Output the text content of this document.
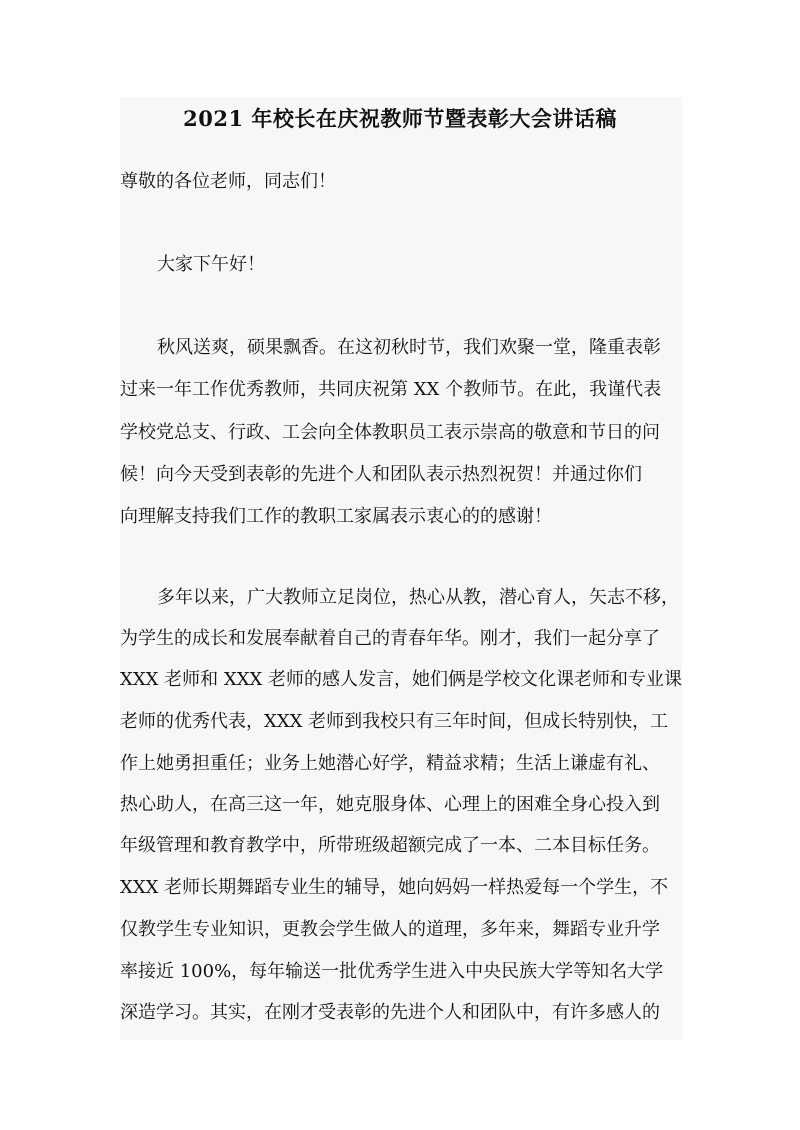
2021 年校长在庆祝教师节暨表彰大会讲话稿
尊敬的各位老师，同志们！
大家下午好！
秋风送爽，硕果飘香。在这初秋时节，我们欢聚一堂，隆重表彰
过来一年工作优秀教师，共同庆祝第 XX 个教师节。在此，我谨代表
学校党总支、行政、工会向全体教职员工表示崇高的敬意和节日的问
候！向今天受到表彰的先进个人和团队表示热烈祝贺！并通过你们
向理解支持我们工作的教职工家属表示衷心的的感谢！
多年以来，广大教师立足岗位，热心从教，潜心育人，矢志不移，
为学生的成长和发展奉献着自己的青春年华。刚才，我们一起分享了
XXX 老师和 XXX 老师的感人发言，她们俩是学校文化课老师和专业课
老师的优秀代表，XXX 老师到我校只有三年时间，但成长特别快，工
作上她勇担重任；业务上她潜心好学，精益求精；生活上谦虚有礼、
热心助人，在高三这一年，她克服身体、心理上的困难全身心投入到
年级管理和教育教学中，所带班级超额完成了一本、二本目标任务。
XXX 老师长期舞蹈专业生的辅导，她向妈妈一样热爱每一个学生，不
仅教学生专业知识，更教会学生做人的道理，多年来，舞蹈专业升学
率接近 100%，每年输送一批优秀学生进入中央民族大学等知名大学
深造学习。其实，在刚才受表彰的先进个人和团队中，有许多感人的
